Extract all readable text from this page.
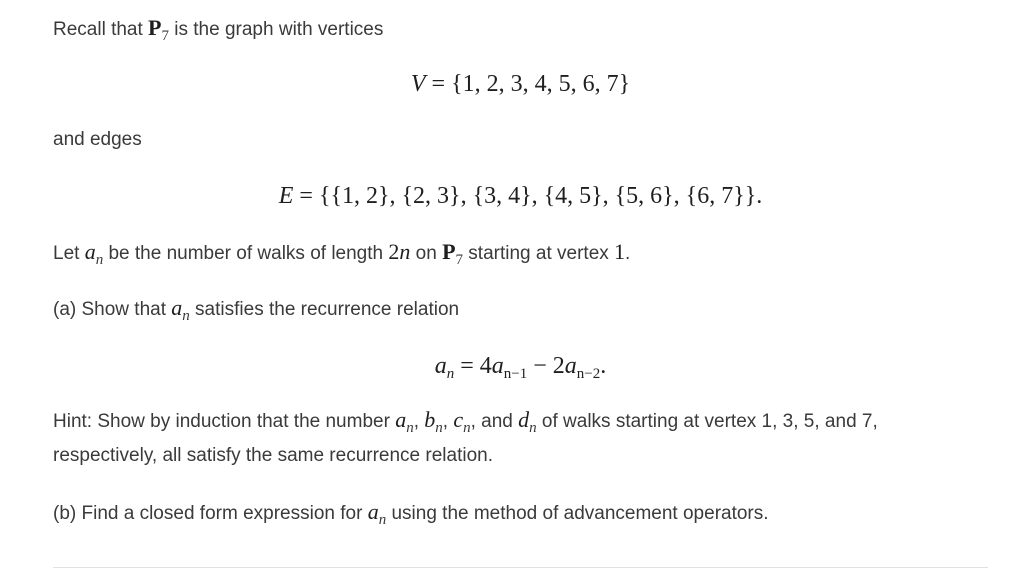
Recall that $P_7$ is the graph with vertices
V = {1, 2, 3, 4, 5, 6, 7}
and edges
E = {{1, 2}, {2, 3}, {3, 4}, {4, 5}, {5, 6}, {6, 7}}.
Let $a_n$ be the number of walks of length 2n on $P_7$ starting at vertex 1.
(a) Show that $a_n$ satisfies the recurrence relation
$a_n = 4a_{n-1} - 2a_{n-2}$.
Hint: Show by induction that the number $a_n$, $b_n$, $c_n$, and $d_n$ of walks starting at vertex 1, 3, 5, and 7,
respectively, all satisfy the same recurrence relation.
(b) Find a closed form expression for $a_n$ using the method of advancement operators.
